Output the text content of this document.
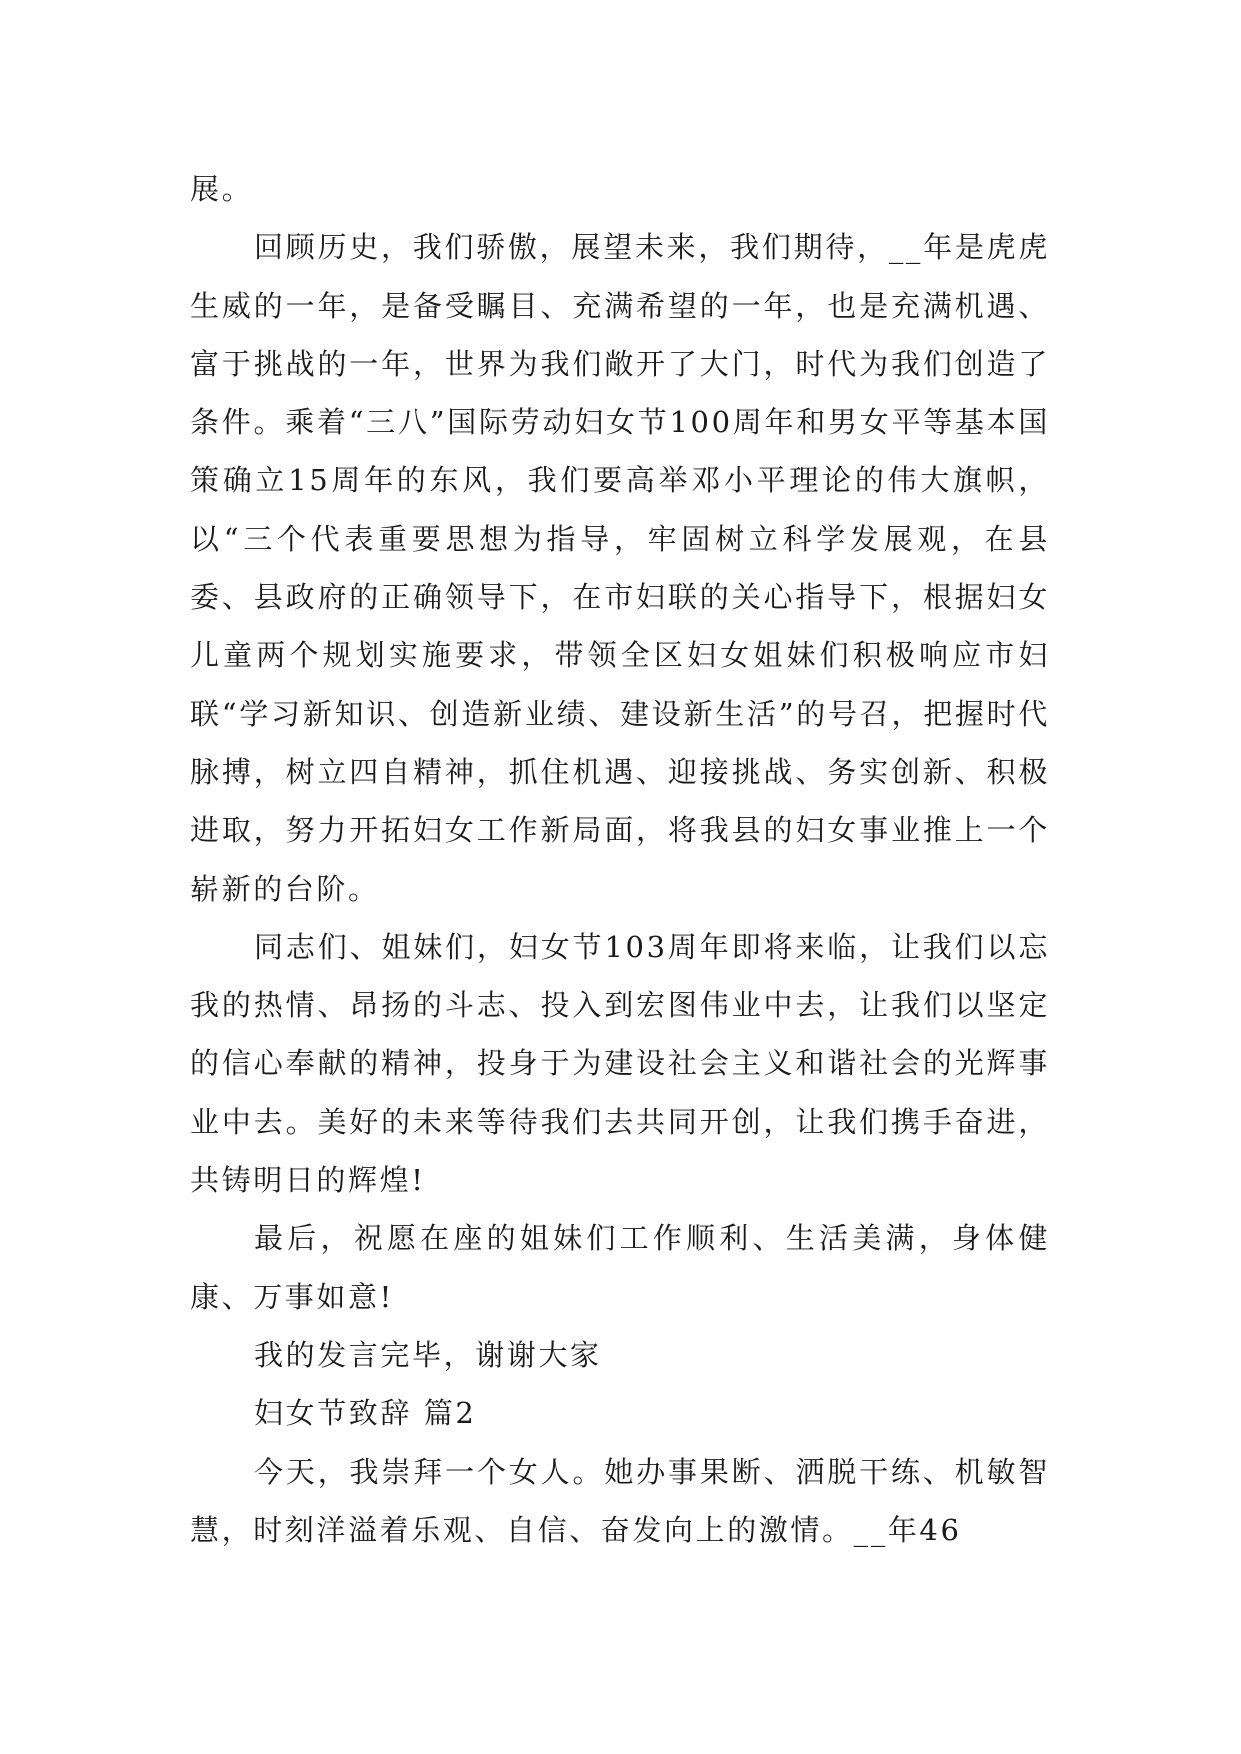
展。

回顾历史，我们骄傲，展望未来，我们期待，__年是虎虎生威的一年，是备受瞩目、充满希望的一年，也是充满机遇、富于挑战的一年，世界为我们敞开了大门，时代为我们创造了条件。乘着“三八”国际劳动妇女节100周年和男女平等基本国策确立15周年的东风，我们要高举邓小平理论的伟大旗帜，以“三个代表重要思想为指导，牢固树立科学发展观，在县委、县政府的正确领导下，在市妇联的关心指导下，根据妇女儿童两个规划实施要求，带领全区妇女姐妹们积极响应市妇联“学习新知识、创造新业绩、建设新生活”的号召，把握时代脉搏，树立四自精神，抓住机遇、迎接挑战、务实创新、积极进取，努力开拓妇女工作新局面，将我县的妇女事业推上一个崭新的台阶。

同志们、姐妹们，妇女节103周年即将来临，让我们以忘我的热情、昂扬的斗志、投入到宏图伟业中去，让我们以坚定的信心奉献的精神，投身于为建设社会主义和谐社会的光辉事业中去。美好的未来等待我们去共同开创，让我们携手奋进，共铸明日的辉煌!

最后，祝愿在座的姐妹们工作顺利、生活美满，身体健康、万事如意!

我的发言完毕，谢谢大家

妇女节致辞 篇2

今天，我崇拜一个女人。她办事果断、洒脱干练、机敏智慧，时刻洋溢着乐观、自信、奋发向上的激情。__年46
